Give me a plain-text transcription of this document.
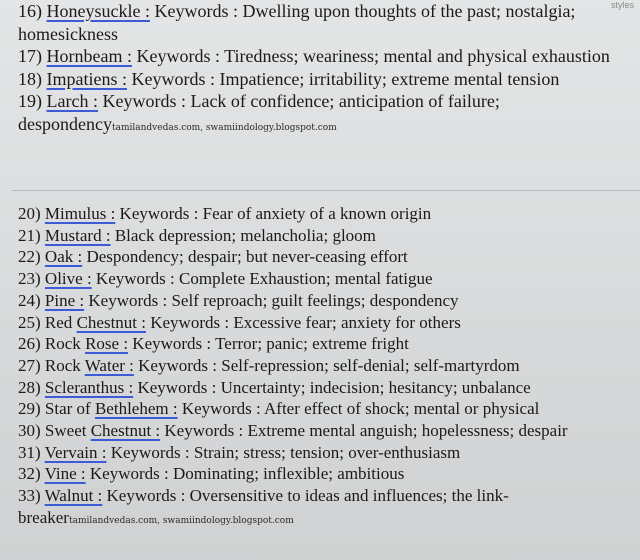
styles
16) Honeysuckle : Keywords : Dwelling upon thoughts of the past; nostalgia; homesickness
17) Hornbeam : Keywords : Tiredness; weariness; mental and physical exhaustion
18) Impatiens : Keywords : Impatience; irritability; extreme mental tension
19) Larch : Keywords : Lack of confidence; anticipation of failure; despondencytamilandvedas.com, swamiindology.blogspot.com
20) Mimulus : Keywords : Fear of anxiety of a known origin
21) Mustard : Black depression; melancholia; gloom
22) Oak : Despondency; despair; but never-ceasing effort
23) Olive : Keywords : Complete Exhaustion; mental fatigue
24) Pine : Keywords : Self reproach; guilt feelings; despondency
25) Red Chestnut : Keywords : Excessive fear; anxiety for others
26) Rock Rose : Keywords : Terror; panic; extreme fright
27) Rock Water : Keywords : Self-repression; self-denial; self-martyrdom
28) Scleranthus : Keywords : Uncertainty; indecision; hesitancy; unbalance
29) Star of Bethlehem : Keywords : After effect of shock; mental or physical
30) Sweet Chestnut : Keywords : Extreme mental anguish; hopelessness; despair
31) Vervain : Keywords : Strain; stress; tension; over-enthusiasm
32) Vine : Keywords : Dominating; inflexible; ambitious
33) Walnut : Keywords : Oversensitive to ideas and influences; the link-breakertamilandvedas.com, swamiindology.blogspot.com
